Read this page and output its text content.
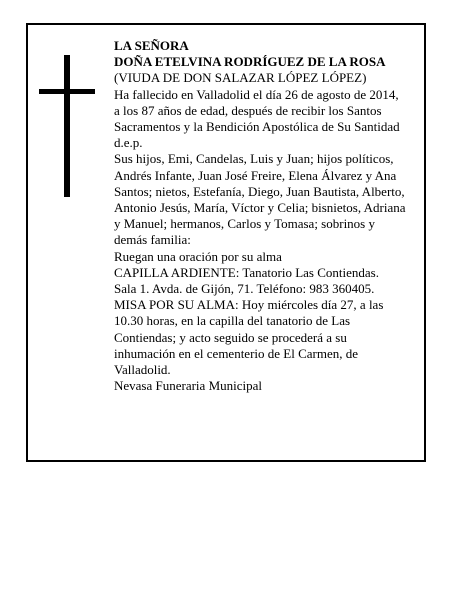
LA SEÑORA
DOÑA ETELVINA RODRÍGUEZ DE LA ROSA
(VIUDA DE DON SALAZAR LÓPEZ LÓPEZ)
Ha fallecido en Valladolid el día 26 de agosto de 2014,
a los 87 años de edad, después de recibir los Santos
Sacramentos y la Bendición Apostólica de Su Santidad
d.e.p.
Sus hijos, Emi, Candelas, Luis y Juan; hijos políticos,
Andrés Infante, Juan José Freire, Elena Álvarez y Ana
Santos; nietos, Estefanía, Diego, Juan Bautista, Alberto,
Antonio Jesús, María, Víctor y Celia; bisnietos, Adriana
y Manuel; hermanos, Carlos y Tomasa; sobrinos y
demás familia:
Ruegan una oración por su alma
CAPILLA ARDIENTE: Tanatorio Las Contiendas.
Sala 1. Avda. de Gijón, 71. Teléfono: 983 360405.
MISA POR SU ALMA: Hoy miércoles día 27, a las
10.30 horas, en la capilla del tanatorio de Las
Contiendas; y acto seguido se procederá a su
inhumación en el cementerio de El Carmen, de
Valladolid.
Nevasa Funeraria Municipal
